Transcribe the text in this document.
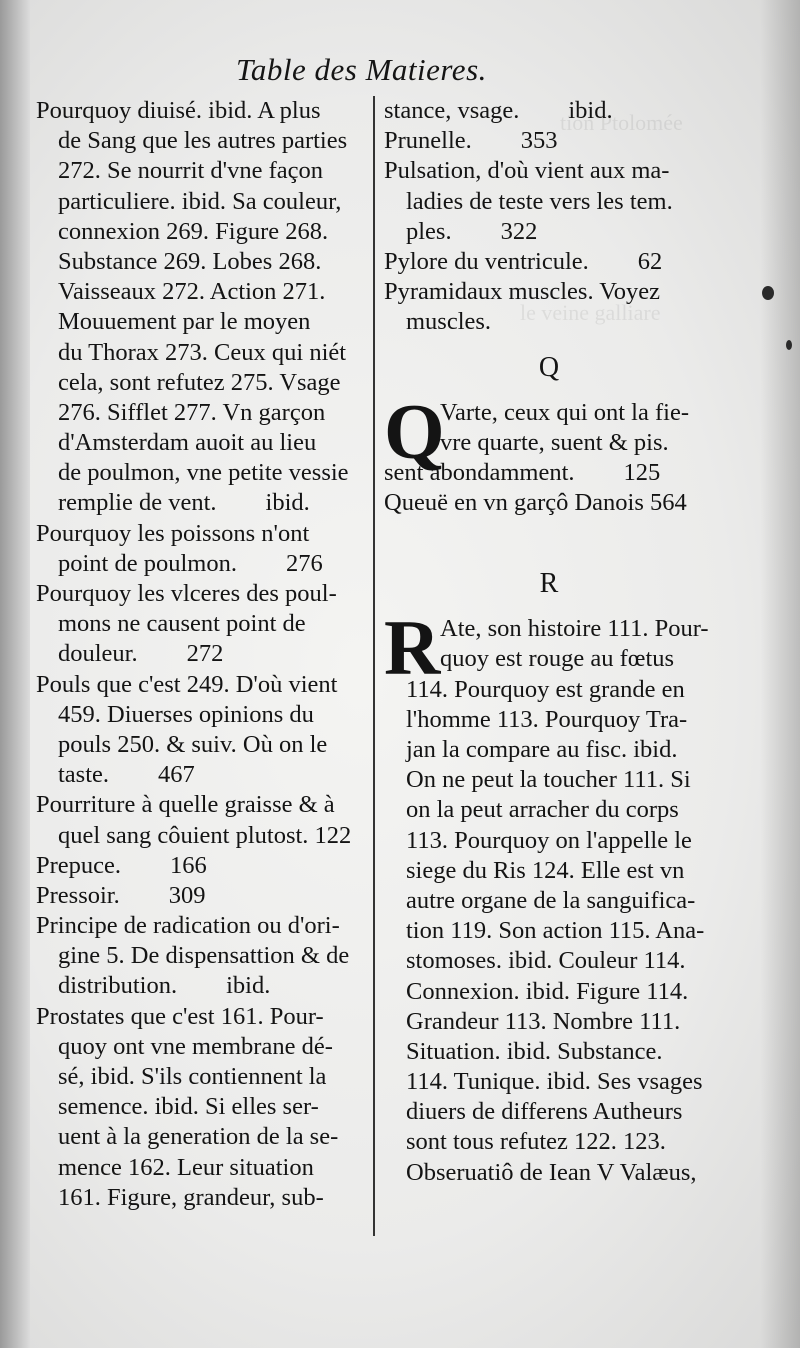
tion Ptolomée
le veine galliare
Table des Matieres.
Pourquoy diuisé. ibid. A plus
de Sang que les autres parties
272. Se nourrit d'vne façon
particuliere. ibid. Sa couleur,
connexion 269. Figure 268.
Substance 269. Lobes 268.
Vaisseaux 272. Action 271.
Mouuement par le moyen
du Thorax 273. Ceux qui niét
cela, sont refutez 275. Vsage
276. Sifflet 277. Vn garçon
d'Amsterdam auoit au lieu
de poulmon, vne petite vessie
remplie de vent.        ibid.
Pourquoy les poissons n'ont
point de poulmon.        276
Pourquoy les vlceres des poul-
mons ne causent point de
douleur.        272
Pouls que c'est 249. D'où vient
459. Diuerses opinions du
pouls 250. & suiv. Où on le
taste.        467
Pourriture à quelle graisse & à
quel sang côuient plutost. 122
Prepuce.        166
Pressoir.        309
Principe de radication ou d'ori-
gine 5. De dispensattion & de
distribution.        ibid.
Prostates que c'est 161. Pour-
quoy ont vne membrane dé-
sé, ibid. S'ils contiennent la
semence. ibid. Si elles ser-
uent à la generation de la se-
mence 162. Leur situation
161. Figure, grandeur, sub-
stance, vsage.        ibid.
Prunelle.        353
Pulsation, d'où vient aux ma-
ladies de teste vers les tem.
ples.        322
Pylore du ventricule.        62
Pyramidaux muscles. Voyez
muscles.
Q
Q
Varte, ceux qui ont la fie-
vre quarte, suent & pis.
sent abondamment.        125
Queuë en vn garçô Danois 564
R
R Ate, son histoire 111. Pour-
quoy est rouge au fœtus
114. Pourquoy est grande en
l'homme 113. Pourquoy Tra-
jan la compare au fisc. ibid.
On ne peut la toucher 111. Si
on la peut arracher du corps
113. Pourquoy on l'appelle le
siege du Ris 124. Elle est vn
autre organe de la sanguifica-
tion 119. Son action 115. Ana-
stomoses. ibid. Couleur 114.
Connexion. ibid. Figure 114.
Grandeur 113. Nombre 111.
Situation. ibid. Substance.
114. Tunique. ibid. Ses vsages
diuers de differens Autheurs
sont tous refutez 122. 123.
Obseruatiô de Iean V Valæus,
